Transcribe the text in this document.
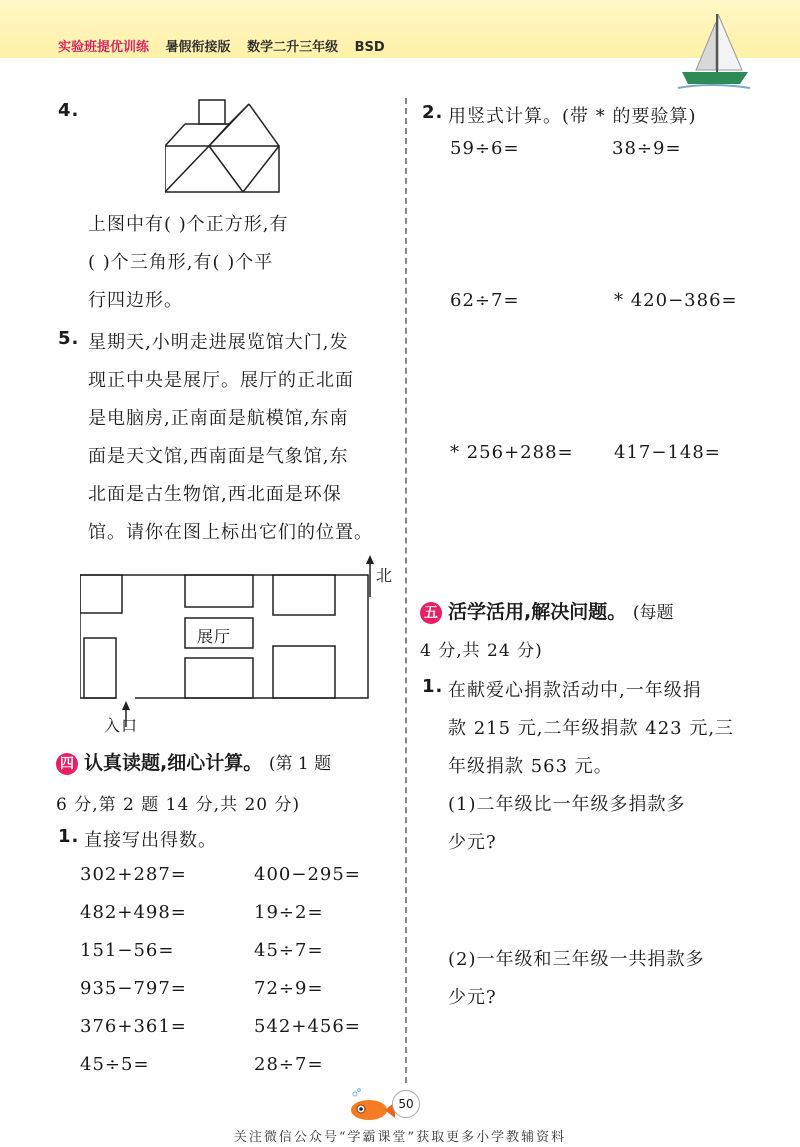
实验班提优训练 暑假衔接版 数学二升三年级 BSD
4.
上图中有( )个正方形,有
( )个三角形,有( )个平
行四边形。
5. 星期天,小明走进展览馆大门,发
现正中央是展厅。展厅的正北面
是电脑房,正南面是航模馆,东南
面是天文馆,西南面是气象馆,东
北面是古生物馆,西北面是环保
馆。请你在图上标出它们的位置。
北
展厅
入口
四 认真读题,细心计算。 (第 1 题
6 分,第 2 题 14 分,共 20 分)
1. 直接写出得数。
302+287=
482+498=
151−56=
935−797=
376+361=
45÷5=
400−295=
19÷2=
45÷7=
72÷9=
542+456=
28÷7=
2. 用竖式计算。(带 * 的要验算)
59÷6=	38÷9=
62÷7=	* 420−386=
* 256+288= 417−148=
五 活学活用,解决问题。 (每题
4 分,共 24 分)
1. 在献爱心捐款活动中,一年级捐
款 215 元,二年级捐款 423 元,三
年级捐款 563 元。
(1)二年级比一年级多捐款多
少元?
(2)一年级和三年级一共捐款多
少元?
50
关注微信公众号“学霸课堂”获取更多小学教辅资料
